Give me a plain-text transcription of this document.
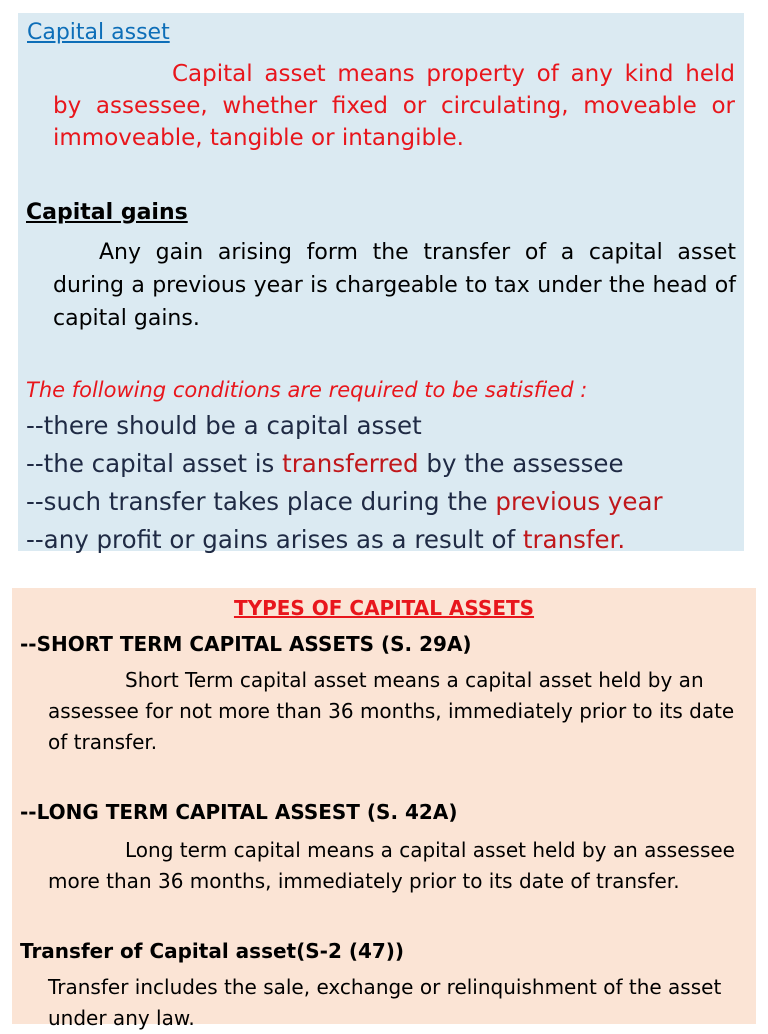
Capital asset
Capital asset means property of any kind held by assessee, whether fixed or circulating, moveable or immoveable, tangible or intangible.
Capital gains
Any gain arising form the transfer of a capital asset during a previous year is chargeable to tax under the head of capital gains.
The following conditions are required to be satisfied :
--there should be a capital asset
--the capital asset is transferred by the assessee
--such transfer takes place during the previous year
--any profit or gains arises as a result of transfer.
TYPES OF CAPITAL ASSETS
--SHORT TERM CAPITAL ASSETS (S. 29A)
Short Term capital asset means a capital asset held by an assessee for not more than 36 months, immediately prior to its date of transfer.
--LONG TERM CAPITAL ASSEST (S. 42A)
Long term capital means a capital asset held by an assessee more than 36 months, immediately prior to its date of transfer.
Transfer of Capital asset(S-2 (47))
Transfer includes the sale, exchange or relinquishment of the asset under any law.
